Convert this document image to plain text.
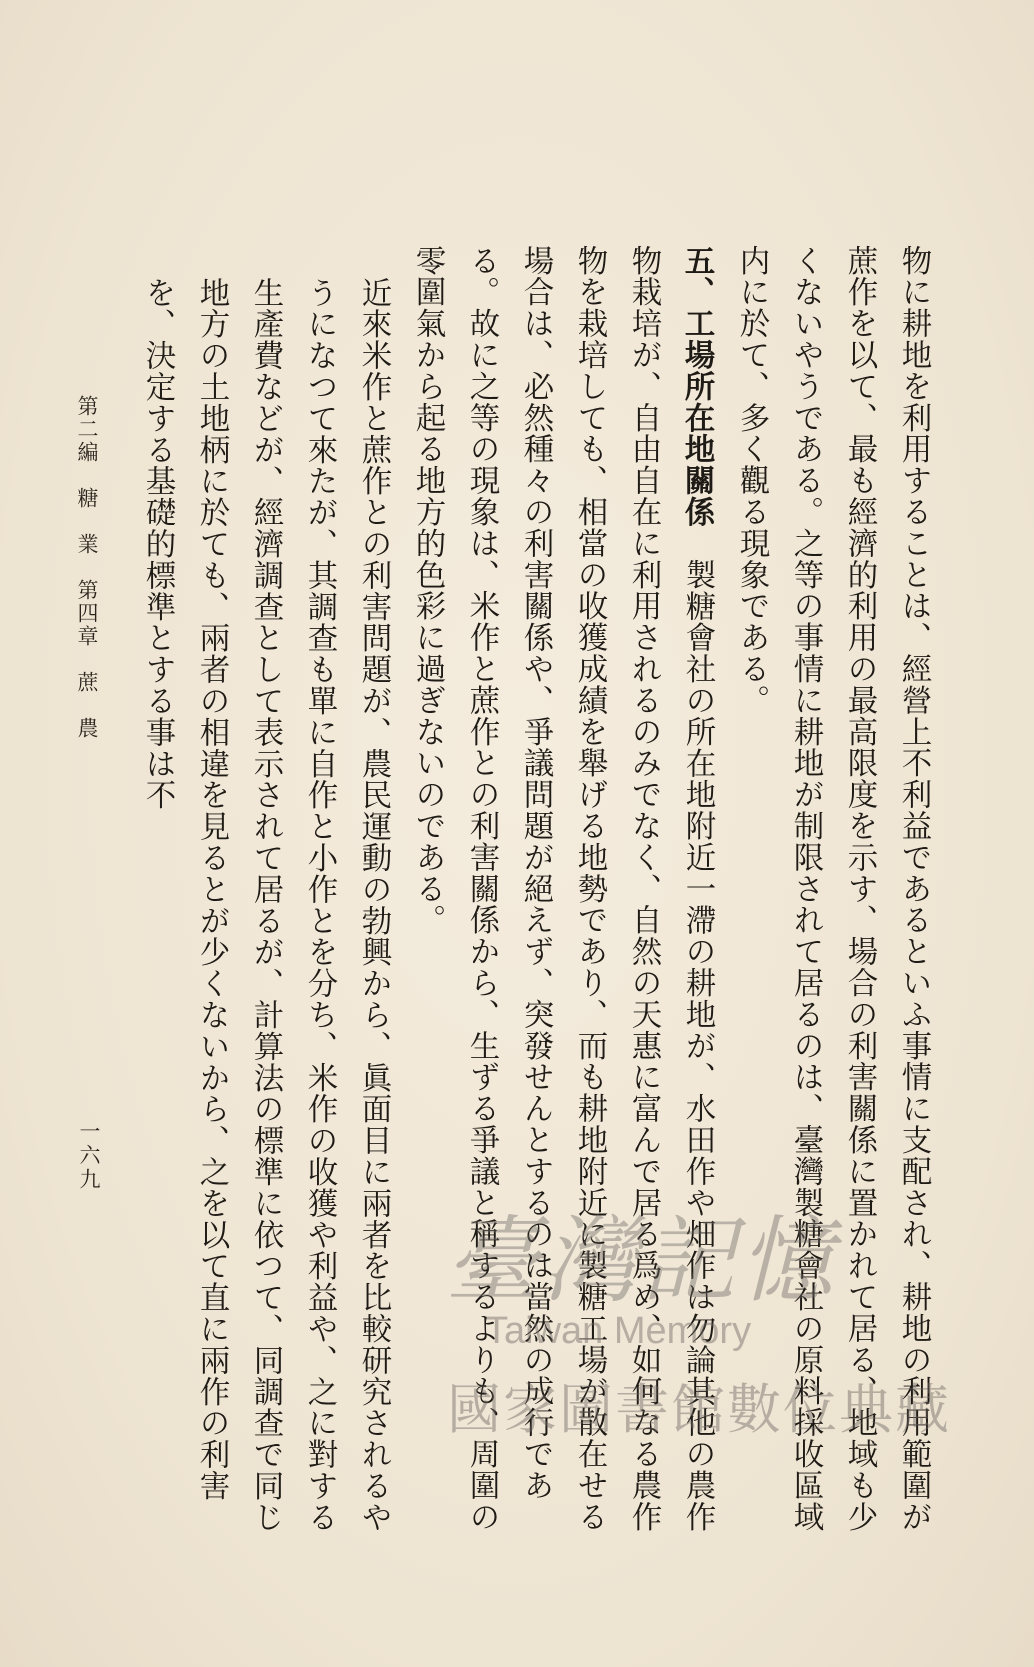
第二編　糖　業　第四章　蔗　農
一六九	物に耕地を利用することは、經營上不利益であるといふ事情に支配され、耕地の利用範圍が蔗作を以て、最も經濟的利用の最高限度を示す、場合の利害關係に置かれて居る、地域も少くないやうである。之等の事情に耕地が制限されて居るのは、臺灣製糖會社の原料採收區域内に於て、多く觀る現象である。

五、工場所在地關係　製糖會社の所在地附近一滯の耕地が、水田作や畑作は勿論其他の農作物栽培が、自由自在に利用されるのみでなく、自然の天惠に富んで居る爲め、如何なる農作物を栽培しても、相當の收獲成績を舉げる地勢であり、而も耕地附近に製糖工場が散在せる場合は、必然種々の利害關係や、爭議問題が絕えず、突發せんとするのは當然の成行である。故に之等の現象は、米作と蔗作との利害關係から、生ずる爭議と稱するよりも、周圍の零圍氣から起る地方的色彩に過ぎないのである。

近來米作と蔗作との利害問題が、農民運動の勃興から、眞面目に兩者を比較研究されるやうになつて來たが、其調查も單に自作と小作とを分ち、米作の收獲や利益や、之に對する生產費などが、經濟調查として表示されて居るが、計算法の標準に依つて、同調查で同じ地方の土地柄に於ても、兩者の相違を見るとが少くないから、之を以て直に兩作の利害を、決定する基礎的標準とする事は不

臺灣記憶
Taiwan Memory
國家圖書館數位典藏
